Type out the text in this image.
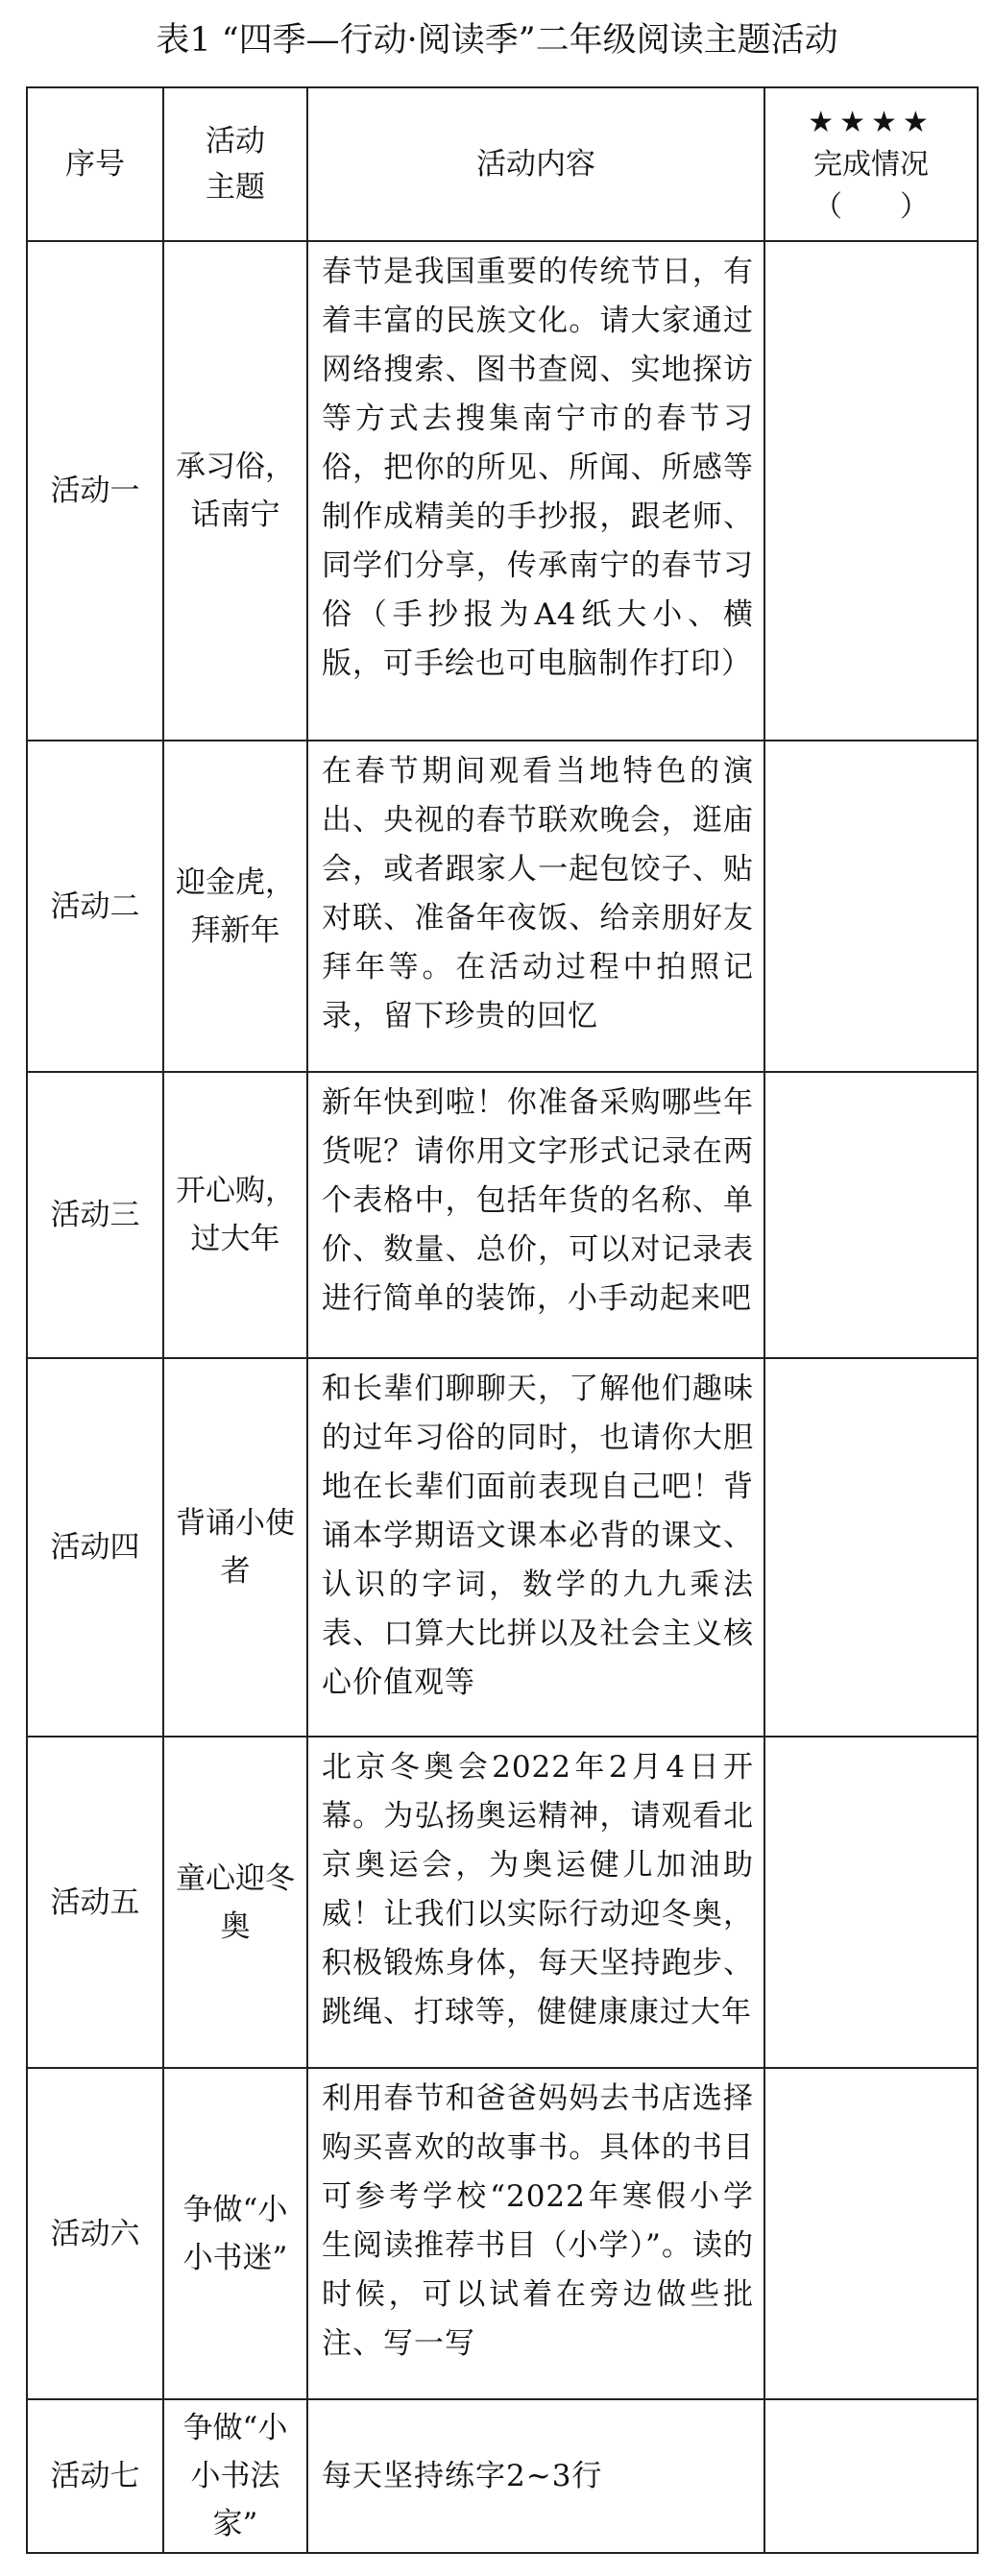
表1 “四季—行动·阅读季”二年级阅读主题活动
序号	活动主题	活动内容	★★★★
完成情况
（　　）

活动一	承习俗，话南宁	春节是我国重要的传统节日，有着丰富的民族文化。请大家通过网络搜索、图书查阅、实地探访等方式去搜集南宁市的春节习俗，把你的所见、所闻、所感等制作成精美的手抄报，跟老师、同学们分享，传承南宁的春节习俗（手抄报为A4纸大小、横版，可手绘也可电脑制作打印）	
活动二	迎金虎，拜新年	在春节期间观看当地特色的演出、央视的春节联欢晚会，逛庙会，或者跟家人一起包饺子、贴对联、准备年夜饭、给亲朋好友拜年等。在活动过程中拍照记录，留下珍贵的回忆	
活动三	开心购，过大年	新年快到啦！你准备采购哪些年货呢？请你用文字形式记录在两个表格中，包括年货的名称、单价、数量、总价，可以对记录表进行简单的装饰，小手动起来吧	
活动四	背诵小使者	和长辈们聊聊天，了解他们趣味的过年习俗的同时，也请你大胆地在长辈们面前表现自己吧！背诵本学期语文课本必背的课文、认识的字词，数学的九九乘法表、口算大比拼以及社会主义核心价值观等	
活动五	童心迎冬奥	北京冬奥会2022年2月4日开幕。为弘扬奥运精神，请观看北京奥运会，为奥运健儿加油助威！让我们以实际行动迎冬奥，积极锻炼身体，每天坚持跑步、跳绳、打球等，健健康康过大年	
活动六	争做“小小书迷”	利用春节和爸爸妈妈去书店选择购买喜欢的故事书。具体的书目可参考学校“2022年寒假小学生阅读推荐书目（小学）”。读的时候，可以试着在旁边做些批注、写一写	
活动七	争做“小小书法家”	每天坚持练字2~3行	
